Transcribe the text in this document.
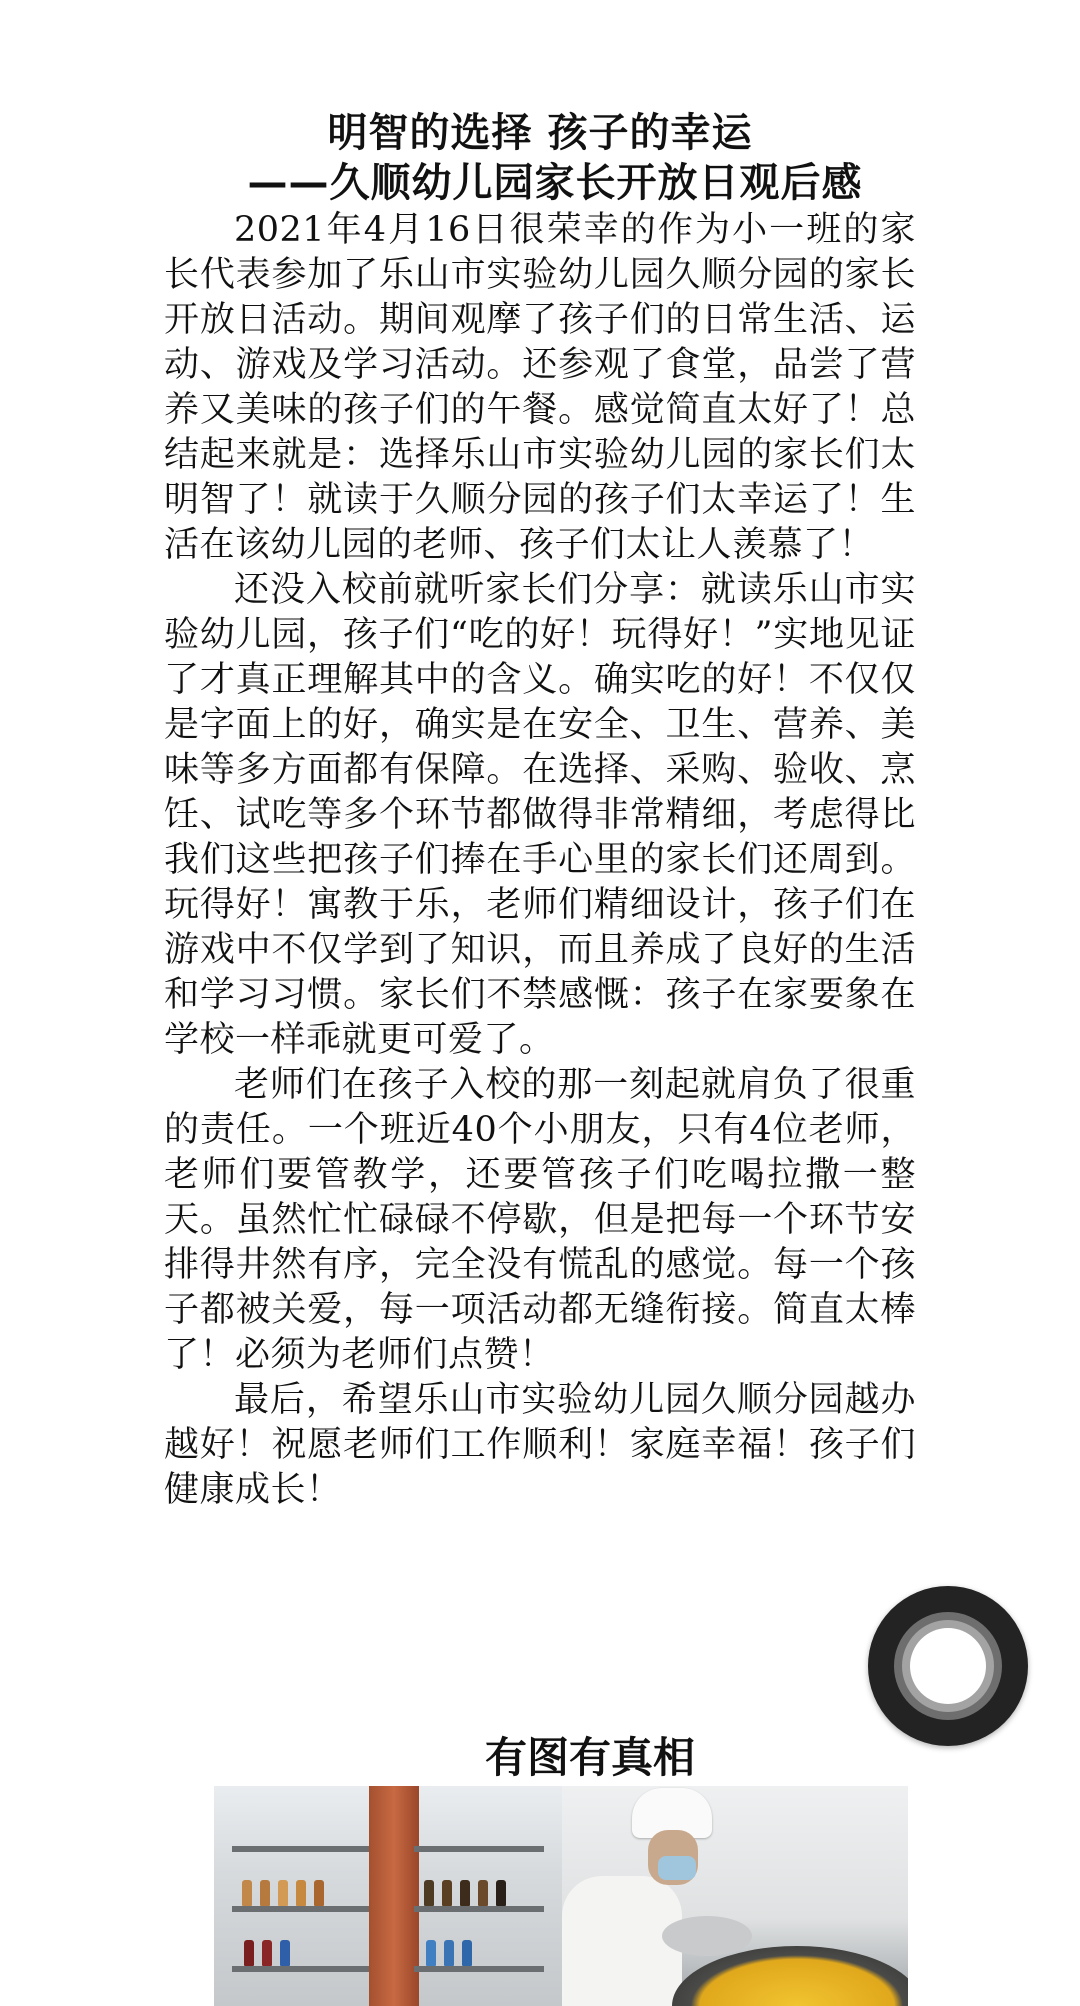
明智的选择 孩子的幸运
——久顺幼儿园家长开放日观后感

2021年4月16日很荣幸的作为小一班的家长代表参加了乐山市实验幼儿园久顺分园的家长开放日活动。期间观摩了孩子们的日常生活、运动、游戏及学习活动。还参观了食堂，品尝了营养又美味的孩子们的午餐。感觉简直太好了！总结起来就是：选择乐山市实验幼儿园的家长们太明智了！就读于久顺分园的孩子们太幸运了！生活在该幼儿园的老师、孩子们太让人羡慕了！

还没入校前就听家长们分享：就读乐山市实验幼儿园，孩子们“吃的好！玩得好！”实地见证了才真正理解其中的含义。确实吃的好！不仅仅是字面上的好，确实是在安全、卫生、营养、美味等多方面都有保障。在选择、采购、验收、烹饪、试吃等多个环节都做得非常精细，考虑得比我们这些把孩子们捧在手心里的家长们还周到。玩得好！寓教于乐，老师们精细设计，孩子们在游戏中不仅学到了知识，而且养成了良好的生活和学习习惯。家长们不禁感慨：孩子在家要象在学校一样乖就更可爱了。

老师们在孩子入校的那一刻起就肩负了很重的责任。一个班近40个小朋友，只有4位老师，老师们要管教学，还要管孩子们吃喝拉撒一整天。虽然忙忙碌碌不停歇，但是把每一个环节安排得井然有序，完全没有慌乱的感觉。每一个孩子都被关爱，每一项活动都无缝衔接。简直太棒了！必须为老师们点赞！

最后，希望乐山市实验幼儿园久顺分园越办越好！祝愿老师们工作顺利！家庭幸福！孩子们健康成长！

有图有真相
